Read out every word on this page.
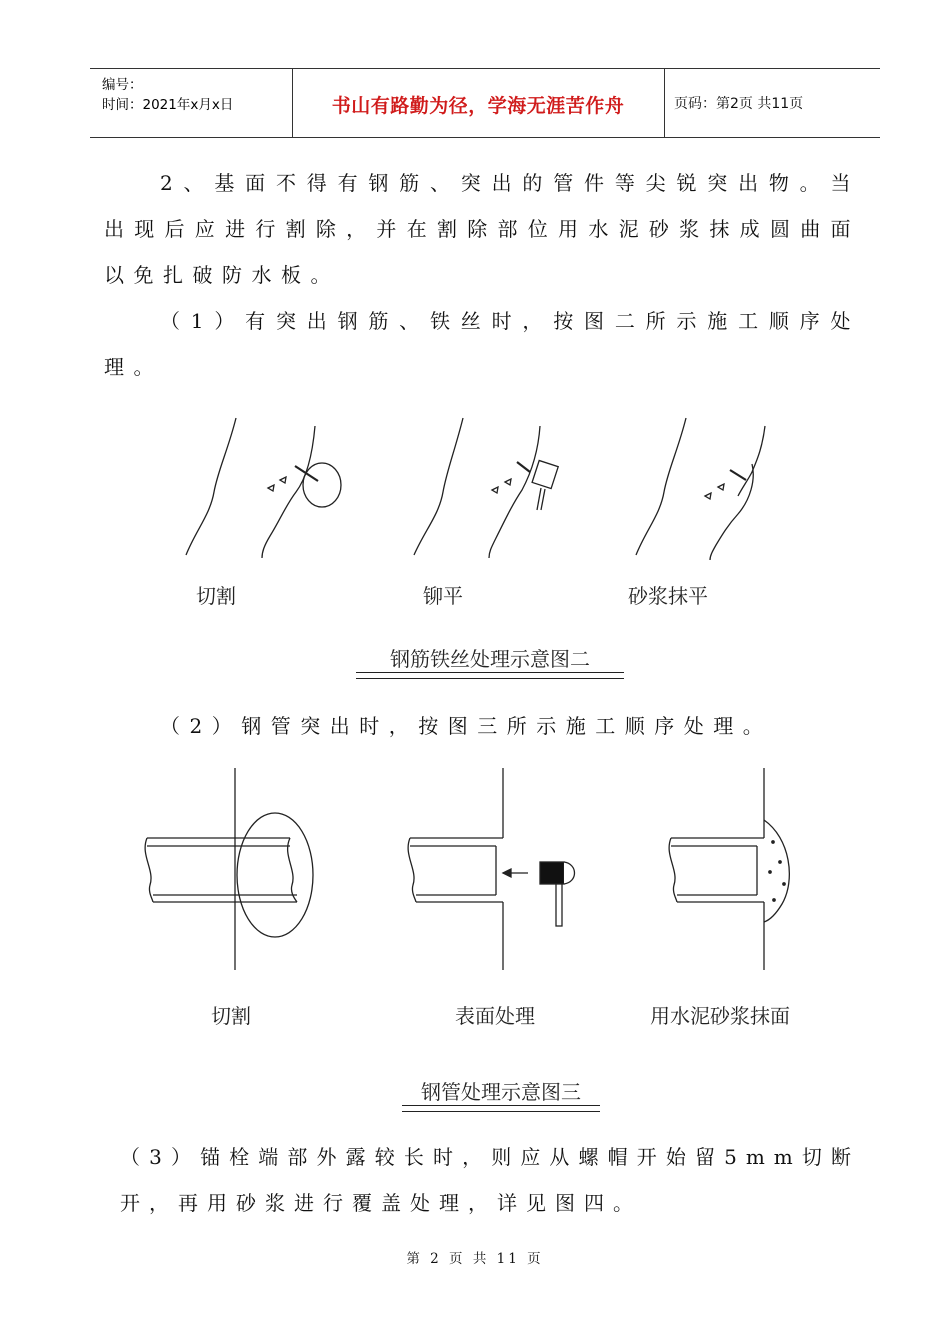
编号：
时间：2021年x月x日	书山有路勤为径，学海无涯苦作舟	页码：第2页 共11页

2、基面不得有钢筋、突出的管件等尖锐突出物。当出现后应进行割除，并在割除部位用水泥砂浆抹成圆曲面以免扎破防水板。

（1）有突出钢筋、铁丝时，按图二所示施工顺序处理。

切割	铆平	砂浆抹平
钢筋铁丝处理示意图二

（2）钢管突出时，按图三所示施工顺序处理。

切割	表面处理	用水泥砂浆抹面
钢管处理示意图三

（3）锚栓端部外露较长时，则应从螺帽开始留5mm切断开，再用砂浆进行覆盖处理，详见图四。

第 2 页 共 11 页
